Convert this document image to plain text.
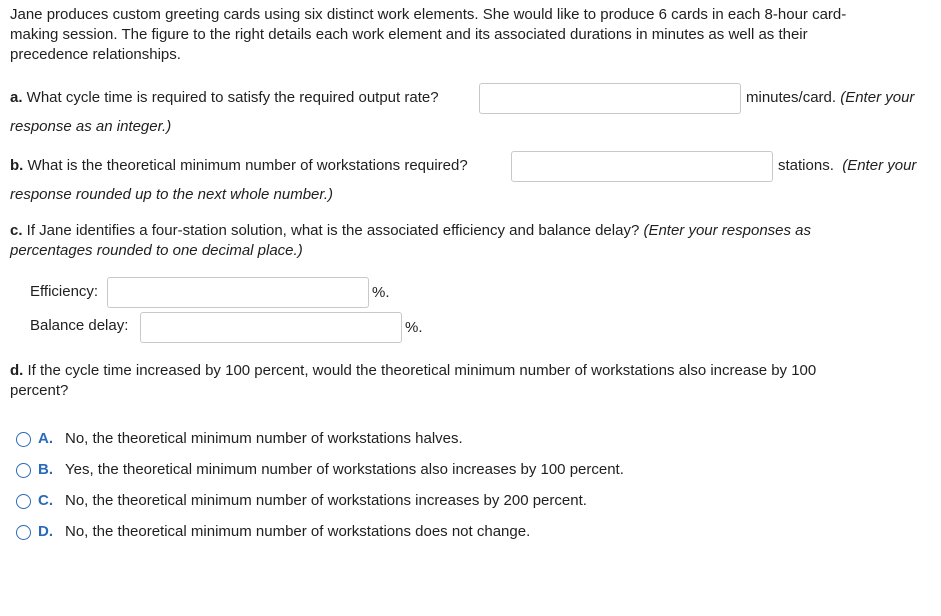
Jane produces custom greeting cards using six distinct work elements. She would like to produce 6 cards in each 8-hour card-
making session. The figure to the right details each work element and its associated durations in minutes as well as their
precedence relationships.
a. What cycle time is required to satisfy the required output rate?	minutes/card. (Enter your
response as an integer.)
b. What is the theoretical minimum number of workstations required?	stations. (Enter your
response rounded up to the next whole number.)
c. If Jane identifies a four-station solution, what is the associated efficiency and balance delay? (Enter your responses as
percentages rounded to one decimal place.)
Efficiency:	%.
Balance delay:	%.
d. If the cycle time increased by 100 percent, would the theoretical minimum number of workstations also increase by 100
percent?
A. No, the theoretical minimum number of workstations halves.
B. Yes, the theoretical minimum number of workstations also increases by 100 percent.
C. No, the theoretical minimum number of workstations increases by 200 percent.
D. No, the theoretical minimum number of workstations does not change.
